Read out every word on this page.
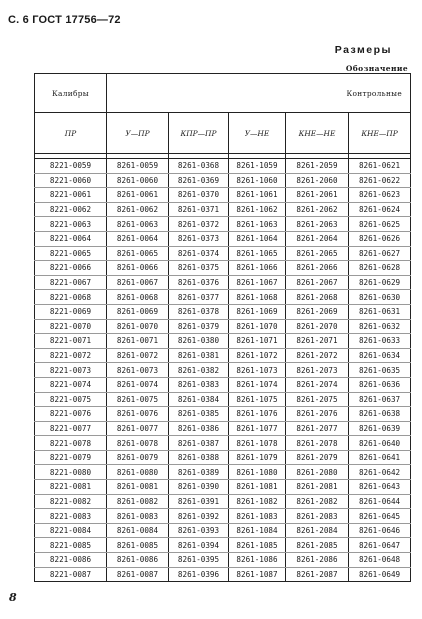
С. 6 ГОСТ 17756—72
Размеры
Обозначение
Калибры	Контрольные				
ПР	У—ПР	КПР—ПР	У—НЕ	КНЕ—НЕ	КНЕ—ПР

8221-0059	8261-0059	8261-0368	8261-1059	8261-2059	8261-0621
8221-0060	8261-0060	8261-0369	8261-1060	8261-2060	8261-0622
8221-0061	8261-0061	8261-0370	8261-1061	8261-2061	8261-0623
8221-0062	8261-0062	8261-0371	8261-1062	8261-2062	8261-0624
8221-0063	8261-0063	8261-0372	8261-1063	8261-2063	8261-0625
8221-0064	8261-0064	8261-0373	8261-1064	8261-2064	8261-0626
8221-0065	8261-0065	8261-0374	8261-1065	8261-2065	8261-0627
8221-0066	8261-0066	8261-0375	8261-1066	8261-2066	8261-0628
8221-0067	8261-0067	8261-0376	8261-1067	8261-2067	8261-0629
8221-0068	8261-0068	8261-0377	8261-1068	8261-2068	8261-0630
8221-0069	8261-0069	8261-0378	8261-1069	8261-2069	8261-0631
8221-0070	8261-0070	8261-0379	8261-1070	8261-2070	8261-0632
8221-0071	8261-0071	8261-0380	8261-1071	8261-2071	8261-0633
8221-0072	8261-0072	8261-0381	8261-1072	8261-2072	8261-0634
8221-0073	8261-0073	8261-0382	8261-1073	8261-2073	8261-0635
8221-0074	8261-0074	8261-0383	8261-1074	8261-2074	8261-0636
8221-0075	8261-0075	8261-0384	8261-1075	8261-2075	8261-0637
8221-0076	8261-0076	8261-0385	8261-1076	8261-2076	8261-0638
8221-0077	8261-0077	8261-0386	8261-1077	8261-2077	8261-0639
8221-0078	8261-0078	8261-0387	8261-1078	8261-2078	8261-0640
8221-0079	8261-0079	8261-0388	8261-1079	8261-2079	8261-0641
8221-0080	8261-0080	8261-0389	8261-1080	8261-2080	8261-0642
8221-0081	8261-0081	8261-0390	8261-1081	8261-2081	8261-0643
8221-0082	8261-0082	8261-0391	8261-1082	8261-2082	8261-0644
8221-0083	8261-0083	8261-0392	8261-1083	8261-2083	8261-0645
8221-0084	8261-0084	8261-0393	8261-1084	8261-2084	8261-0646
8221-0085	8261-0085	8261-0394	8261-1085	8261-2085	8261-0647
8221-0086	8261-0086	8261-0395	8261-1086	8261-2086	8261-0648
8221-0087	8261-0087	8261-0396	8261-1087	8261-2087	8261-0649
8
